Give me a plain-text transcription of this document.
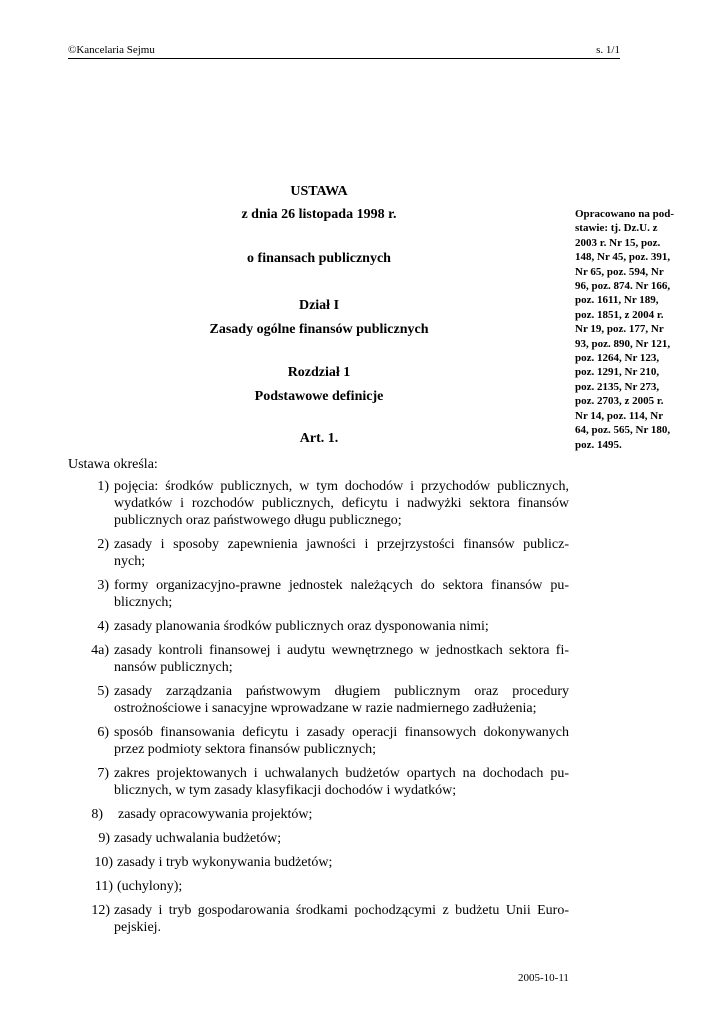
©Kancelaria Sejmu	s. 1/1
USTAWA
z dnia 26 listopada 1998 r.
o finansach publicznych
Dział I
Zasady ogólne finansów publicznych
Rozdział 1
Podstawowe definicje
Art. 1.
Opracowano na pod-
stawie: tj. Dz.U. z
2003 r. Nr 15, poz.
148, Nr 45, poz. 391,
Nr 65, poz. 594, Nr
96, poz. 874. Nr 166,
poz. 1611, Nr 189,
poz. 1851, z 2004 r.
Nr 19, poz. 177, Nr
93, poz. 890, Nr 121,
poz. 1264, Nr 123,
poz. 1291, Nr 210,
poz. 2135, Nr 273,
poz. 2703, z 2005 r.
Nr 14, poz. 114, Nr
64, poz. 565, Nr 180,
poz. 1495.
Ustawa określa:
1) pojęcia: środków publicznych, w tym dochodów i przychodów publicznych,
wydatków i rozchodów publicznych, deficytu i nadwyżki sektora finansów
publicznych oraz państwowego długu publicznego;
2) zasady i sposoby zapewnienia jawności i przejrzystości finansów publicz-
nych;
3) formy organizacyjno-prawne jednostek należących do sektora finansów pu-
blicznych;
4) zasady planowania środków publicznych oraz dysponowania nimi;
4a) zasady kontroli finansowej i audytu wewnętrznego w jednostkach sektora fi-
nansów publicznych;
5) zasady zarządzania państwowym długiem publicznym oraz procedury
ostrożnościowe i sanacyjne wprowadzane w razie nadmiernego zadłużenia;
6) sposób finansowania deficytu i zasady operacji finansowych dokonywanych
przez podmioty sektora finansów publicznych;
7) zakres projektowanych i uchwalanych budżetów opartych na dochodach pu-
blicznych, w tym zasady klasyfikacji dochodów i wydatków;
8) zasady opracowywania projektów;
9) zasady uchwalania budżetów;
10) zasady i tryb wykonywania budżetów;
11) (uchylony);
12) zasady i tryb gospodarowania środkami pochodzącymi z budżetu Unii Euro-
pejskiej.
2005-10-11
